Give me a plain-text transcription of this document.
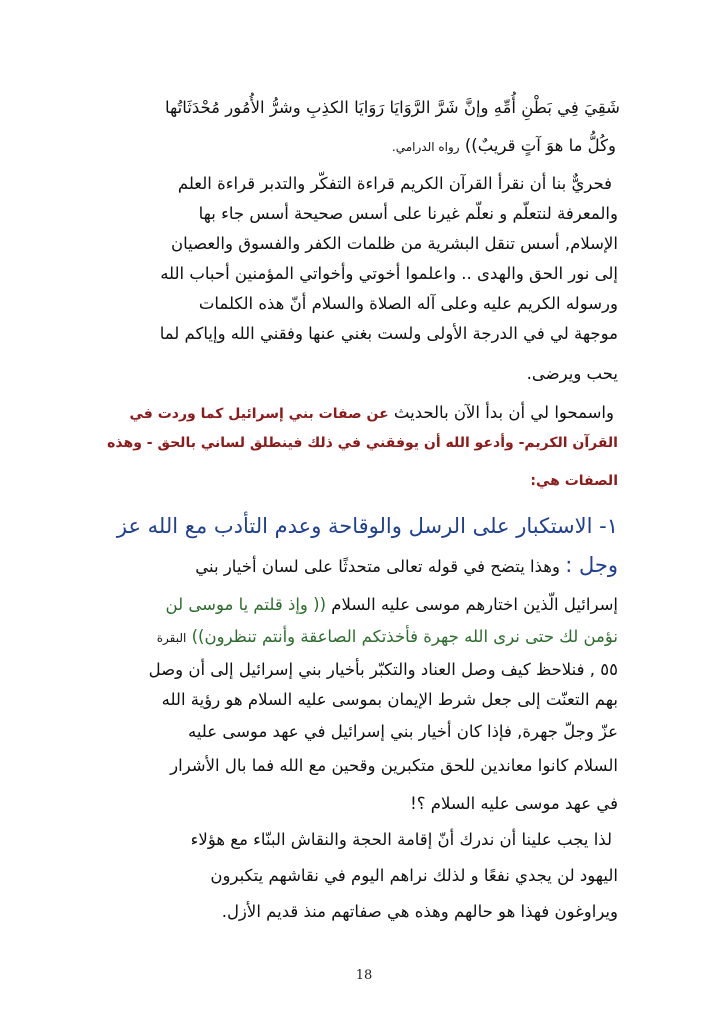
شَقِيَ فِي بَطْنِ أُمِّهِ وإنَّ شَرَّ الرَّوَايَا رَوَايَا الكذِبِ وشرُّ الأُمُور مُحْدَثَاتُها
وكُلُّ ما هوَ آتٍ قريبٌ)) رواه الدرامي.
فحريٌّ بنا أن نقرأ القرآن الكريم قراءة التفكّر والتدبر قراءة العلم
والمعرفة لنتعلّم و نعلّم غيرنا على أسس صحيحة أسس جاء بها
الإسلام, أسس تنقل البشرية من ظلمات الكفر والفسوق والعصيان
إلى نور الحق والهدى .. واعلموا أخوتي وأخواتي المؤمنين أحباب الله
ورسوله الكريم عليه وعلى آله الصلاة والسلام أنّ هذه الكلمات
موجهة لي في الدرجة الأولى ولست بغني عنها وفقني الله وإياكم لما
يحب ويرضى.
واسمحوا لي أن بدأ الآن بالحديث عن صفات بني إسرائيل كما وردت في
القرآن الكريم- وأدعو الله أن يوفقني في ذلك فينطلق لساني بالحق - وهذه
الصفات هي:
١- الاستكبار على الرسل والوقاحة وعدم التأدب مع الله عز
وجل : وهذا يتضح في قوله تعالى متحدثًا على لسان أخيار بني
إسرائيل الّذين اختارهم موسى عليه السلام (( وإذ قلتم يا موسى لن
نؤمن لك حتى نرى الله جهرة فأخذتكم الصاعقة وأنتم تنظرون)) البقرة
٥٥ , فنلاحظ كيف وصل العناد والتكبّر بأخيار بني إسرائيل إلى أن وصل
بهم التعنّت إلى جعل شرط الإيمان بموسى عليه السلام هو رؤية الله
عزّ وجلّ جهرة, فإذا كان أخيار بني إسرائيل في عهد موسى عليه
السلام كانوا معاندين للحق متكبرين وقحين مع الله فما بال الأشرار
في عهد موسى عليه السلام ؟!
لذا يجب علينا أن ندرك أنّ إقامة الحجة والنقاش البنّاء مع هؤلاء
اليهود لن يجدي نفعًا و لذلك نراهم اليوم في نقاشهم يتكبرون
ويراوغون فهذا هو حالهم وهذه هي صفاتهم منذ قديم الأزل.
18
